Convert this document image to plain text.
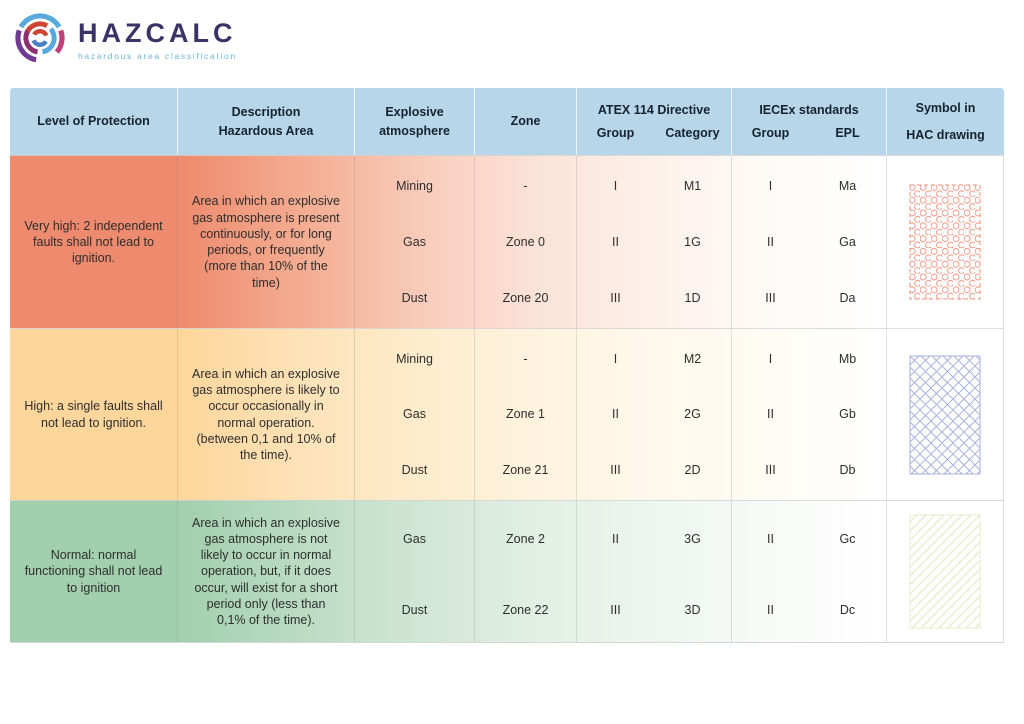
HAZCALC
hazardous area classification
Level of Protection
Description
Hazardous Area
Explosive
atmosphere
Zone
ATEX 114 Directive
Group	Category
IECEx standards
Group	EPL
Symbol in
HAC drawing
Very high: 2 independent faults shall not lead to ignition.
Area in which an explosive gas atmosphere is present continuously, or for long periods, or frequently (more than 10% of the time)
Mining
Gas
Dust
-
Zone 0
Zone 20
I
II
III
M1
1G
1D
I
II
III
Ma
Ga
Da
High: a single faults shall not lead to ignition.
Area in which an explosive gas atmosphere is likely to occur occasionally in normal operation. (between 0,1 and 10% of the time).
Mining
Gas
Dust
-
Zone 1
Zone 21
I
II
III
M2
2G
2D
I
II
III
Mb
Gb
Db
Normal: normal functioning shall not lead to ignition
Area in which an explosive gas atmosphere is not likely to occur in normal operation, but, if it does occur, will exist for a short period only (less than 0,1% of the time).
Gas
Dust
Zone 2
Zone 22
II
III
3G
3D
II
II
Gc
Dc
